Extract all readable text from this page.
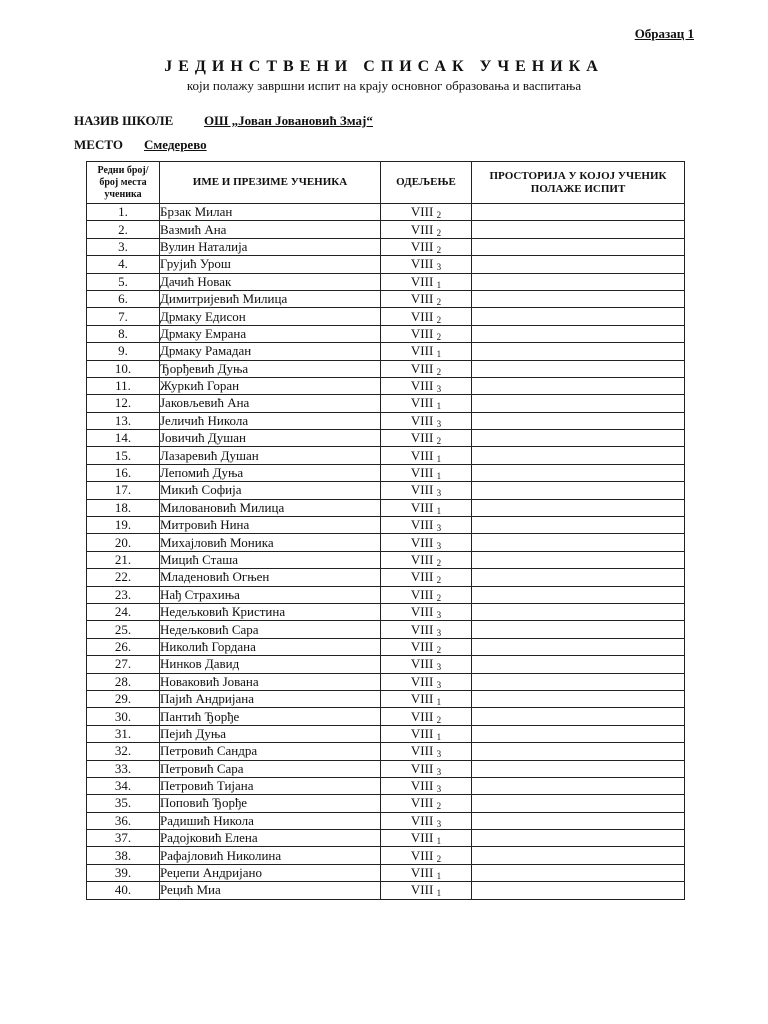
Образац 1
ЈЕДИНСТВЕНИ СПИСАК УЧЕНИКА
који полажу завршни испит на крају основног образовања и васпитања
НАЗИВ ШКОЛЕ ОШ „Јован Јовановић Змај“
МЕСТО Смедерево
Редни број/ број места ученика	ИМЕ И ПРЕЗИМЕ УЧЕНИКА	ОДЕЉЕЊЕ	ПРОСТОРИЈА У КОЈОЈ УЧЕНИК ПОЛАЖЕ ИСПИТ
1.	Брзак Милан	VIII $_2$	
2.	Вазмић Ана	VIII $_2$	
3.	Вулин Наталија	VIII $_2$	
4.	Грујић Урош	VIII $_3$	
5.	Дачић Новак	VIII $_1$	
6.	Димитријевић Милица	VIII $_2$	
7.	Дрмаку Едисон	VIII $_2$	
8.	Дрмаку Емрана	VIII $_2$	
9.	Дрмаку Рамадан	VIII $_1$	
10.	Ђорђевић Дуња	VIII $_2$	
11.	Журкић Горан	VIII $_3$	
12.	Јаковљевић Ана	VIII $_1$	
13.	Јеличић Никола	VIII $_3$	
14.	Јовичић Душан	VIII $_2$	
15.	Лазаревић Душан	VIII $_1$	
16.	Лепомић Дуња	VIII $_1$	
17.	Микић Софија	VIII $_3$	
18.	Миловановић Милица	VIII $_1$	
19.	Митровић Нина	VIII $_3$	
20.	Михајловић Моника	VIII $_3$	
21.	Мицић Сташа	VIII $_2$	
22.	Младеновић Огњен	VIII $_2$	
23.	Нађ Страхиња	VIII $_2$	
24.	Недељковић Кристина	VIII $_3$	
25.	Недељковић Сара	VIII $_3$	
26.	Николић Гордана	VIII $_2$	
27.	Нинков Давид	VIII $_3$	
28.	Новаковић Јована	VIII $_3$	
29.	Пајић Андријана	VIII $_1$	
30.	Пантић Ђорђе	VIII $_2$	
31.	Пејић Дуња	VIII $_1$	
32.	Петровић Сандра	VIII $_3$	
33.	Петровић Сара	VIII $_3$	
34.	Петровић Тијана	VIII $_3$	
35.	Поповић Ђорђе	VIII $_2$	
36.	Радишић Никола	VIII $_3$	
37.	Радојковић Елена	VIII $_1$	
38.	Рафајловић Николина	VIII $_2$	
39.	Реџепи Андријано	VIII $_1$	
40.	Рецић Миа	VIII $_1$	
